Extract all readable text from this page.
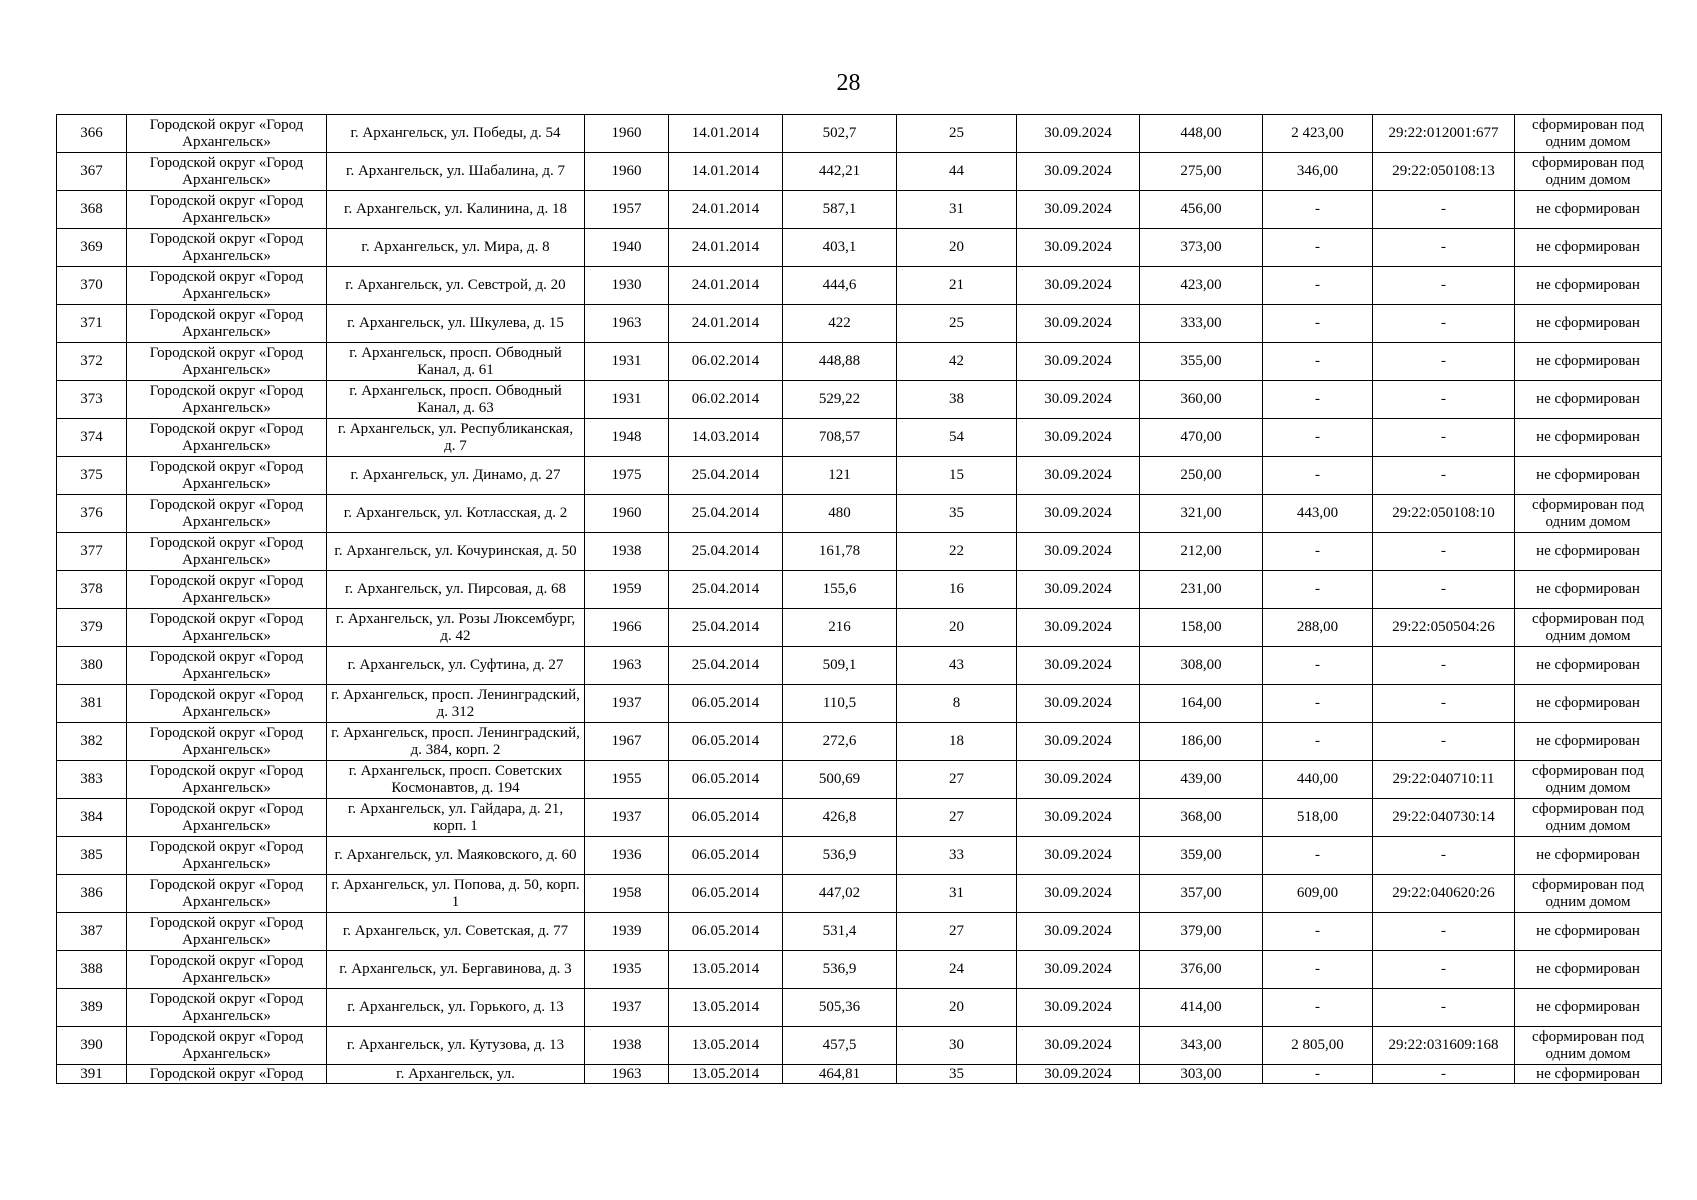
28
366	Городской округ «Город Архангельск»	г. Архангельск, ул. Победы, д. 54	1960	14.01.2014	502,7	25	30.09.2024	448,00	2 423,00	29:22:012001:677	сформирован под одним домом
367	Городской округ «Город Архангельск»	г. Архангельск, ул. Шабалина, д. 7	1960	14.01.2014	442,21	44	30.09.2024	275,00	346,00	29:22:050108:13	сформирован под одним домом
368	Городской округ «Город Архангельск»	г. Архангельск, ул. Калинина, д. 18	1957	24.01.2014	587,1	31	30.09.2024	456,00	-	-	не сформирован
369	Городской округ «Город Архангельск»	г. Архангельск, ул. Мира, д. 8	1940	24.01.2014	403,1	20	30.09.2024	373,00	-	-	не сформирован
370	Городской округ «Город Архангельск»	г. Архангельск, ул. Севстрой, д. 20	1930	24.01.2014	444,6	21	30.09.2024	423,00	-	-	не сформирован
371	Городской округ «Город Архангельск»	г. Архангельск, ул. Шкулева, д. 15	1963	24.01.2014	422	25	30.09.2024	333,00	-	-	не сформирован
372	Городской округ «Город Архангельск»	г. Архангельск, просп. Обводный Канал, д. 61	1931	06.02.2014	448,88	42	30.09.2024	355,00	-	-	не сформирован
373	Городской округ «Город Архангельск»	г. Архангельск, просп. Обводный Канал, д. 63	1931	06.02.2014	529,22	38	30.09.2024	360,00	-	-	не сформирован
374	Городской округ «Город Архангельск»	г. Архангельск, ул. Республиканская, д. 7	1948	14.03.2014	708,57	54	30.09.2024	470,00	-	-	не сформирован
375	Городской округ «Город Архангельск»	г. Архангельск, ул. Динамо, д. 27	1975	25.04.2014	121	15	30.09.2024	250,00	-	-	не сформирован
376	Городской округ «Город Архангельск»	г. Архангельск, ул. Котласская, д. 2	1960	25.04.2014	480	35	30.09.2024	321,00	443,00	29:22:050108:10	сформирован под одним домом
377	Городской округ «Город Архангельск»	г. Архангельск, ул. Кочуринская, д. 50	1938	25.04.2014	161,78	22	30.09.2024	212,00	-	-	не сформирован
378	Городской округ «Город Архангельск»	г. Архангельск, ул. Пирсовая, д. 68	1959	25.04.2014	155,6	16	30.09.2024	231,00	-	-	не сформирован
379	Городской округ «Город Архангельск»	г. Архангельск, ул. Розы Люксембург, д. 42	1966	25.04.2014	216	20	30.09.2024	158,00	288,00	29:22:050504:26	сформирован под одним домом
380	Городской округ «Город Архангельск»	г. Архангельск, ул. Суфтина, д. 27	1963	25.04.2014	509,1	43	30.09.2024	308,00	-	-	не сформирован
381	Городской округ «Город Архангельск»	г. Архангельск, просп. Ленинградский, д. 312	1937	06.05.2014	110,5	8	30.09.2024	164,00	-	-	не сформирован
382	Городской округ «Город Архангельск»	г. Архангельск, просп. Ленинградский, д. 384, корп. 2	1967	06.05.2014	272,6	18	30.09.2024	186,00	-	-	не сформирован
383	Городской округ «Город Архангельск»	г. Архангельск, просп. Советских Космонавтов, д. 194	1955	06.05.2014	500,69	27	30.09.2024	439,00	440,00	29:22:040710:11	сформирован под одним домом
384	Городской округ «Город Архангельск»	г. Архангельск, ул. Гайдара, д. 21, корп. 1	1937	06.05.2014	426,8	27	30.09.2024	368,00	518,00	29:22:040730:14	сформирован под одним домом
385	Городской округ «Город Архангельск»	г. Архангельск, ул. Маяковского, д. 60	1936	06.05.2014	536,9	33	30.09.2024	359,00	-	-	не сформирован
386	Городской округ «Город Архангельск»	г. Архангельск, ул. Попова, д. 50, корп. 1	1958	06.05.2014	447,02	31	30.09.2024	357,00	609,00	29:22:040620:26	сформирован под одним домом
387	Городской округ «Город Архангельск»	г. Архангельск, ул. Советская, д. 77	1939	06.05.2014	531,4	27	30.09.2024	379,00	-	-	не сформирован
388	Городской округ «Город Архангельск»	г. Архангельск, ул. Бергавинова, д. 3	1935	13.05.2014	536,9	24	30.09.2024	376,00	-	-	не сформирован
389	Городской округ «Город Архангельск»	г. Архангельск, ул. Горького, д. 13	1937	13.05.2014	505,36	20	30.09.2024	414,00	-	-	не сформирован
390	Городской округ «Город Архангельск»	г. Архангельск, ул. Кутузова, д. 13	1938	13.05.2014	457,5	30	30.09.2024	343,00	2 805,00	29:22:031609:168	сформирован под одним домом
391	Городской округ «Город	г. Архангельск, ул.	1963	13.05.2014	464,81	35	30.09.2024	303,00	-	-	не сформирован
